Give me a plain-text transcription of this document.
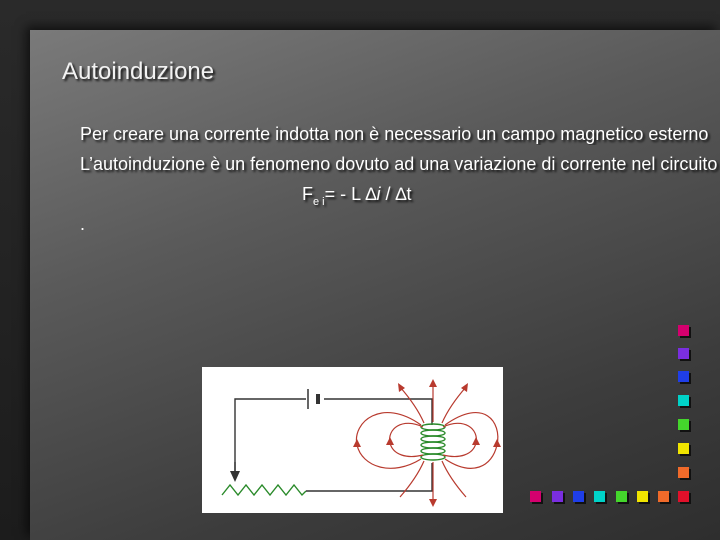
Autoinduzione
Per creare una corrente indotta non è necessario un campo magnetico esterno
L’autoinduzione è un fenomeno dovuto ad una variazione di corrente nel circuito
$F_{e i}= - L$ ∆i / ∆t
.
